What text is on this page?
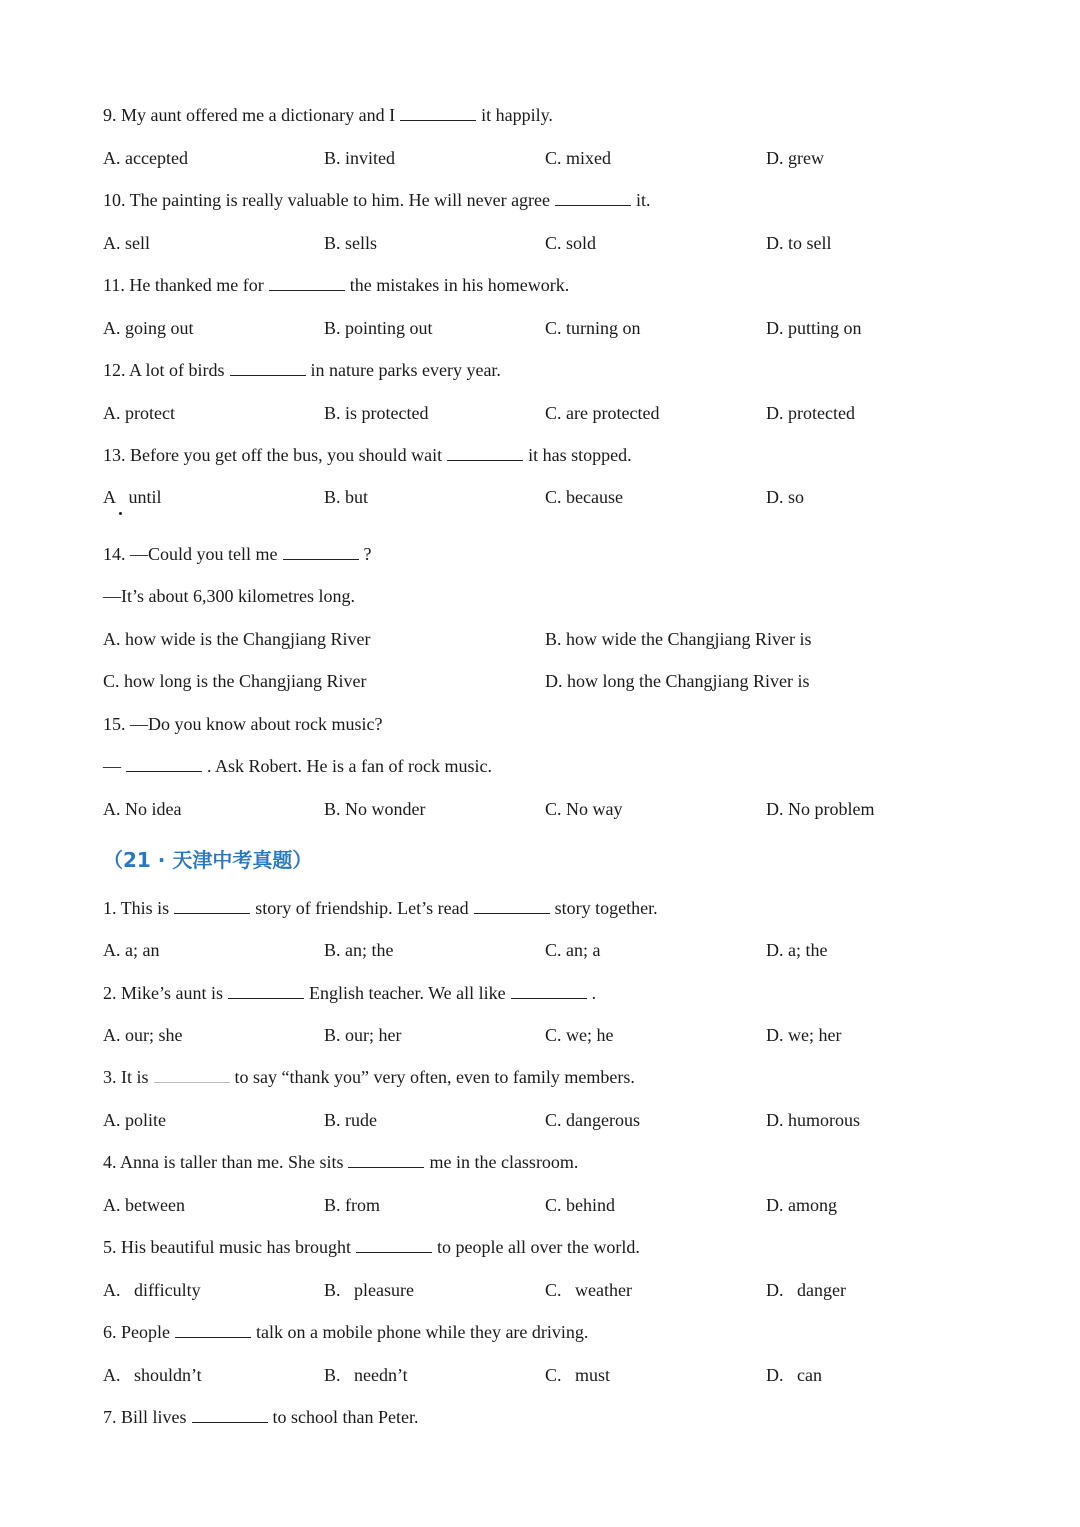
9. My aunt offered me a dictionary and I	it happily.
A. accepted	B. invited	C. mixed	D. grew
10. The painting is really valuable to him. He will never agree	it.
A. sell	B. sells	C. sold	D. to sell
11. He thanked me for	the mistakes in his homework.
A. going out	B. pointing out	C. turning on	D. putting on
12. A lot of birds	in nature parks every year.
A. protect	B. is protected	C. are protected	D. protected
13. Before you get off the bus, you should wait	it has stopped.
A   until	B. but	C. because	D. so
14. —Could you tell me	?
—It’s about 6,300 kilometres long.
A. how wide is the Changjiang River	B. how wide the Changjiang River is
C. how long is the Changjiang River	D. how long the Changjiang River is
15. —Do you know about rock music?
—	. Ask Robert. He is a fan of rock music.
A. No idea	B. No wonder	C. No way	D. No problem
（21 · 天津中考真题）
1. This is	story of friendship. Let’s read	story together.
A. a; an	B. an; the	C. an; a	D. a; the
2. Mike’s aunt is	English teacher. We all like	.
A. our; she	B. our; her	C. we; he	D. we; her
3. It is	to say “thank you” very often, even to family members.
A. polite	B. rude	C. dangerous	D. humorous
4. Anna is taller than me. She sits	me in the classroom.
A. between	B. from	C. behind	D. among
5. His beautiful music has brought	to people all over the world.
A.   difficulty	B.   pleasure	C.   weather	D.   danger
6. People	talk on a mobile phone while they are driving.
A.   shouldn’t	B.   needn’t	C.   must	D.   can
7. Bill lives	to school than Peter.
